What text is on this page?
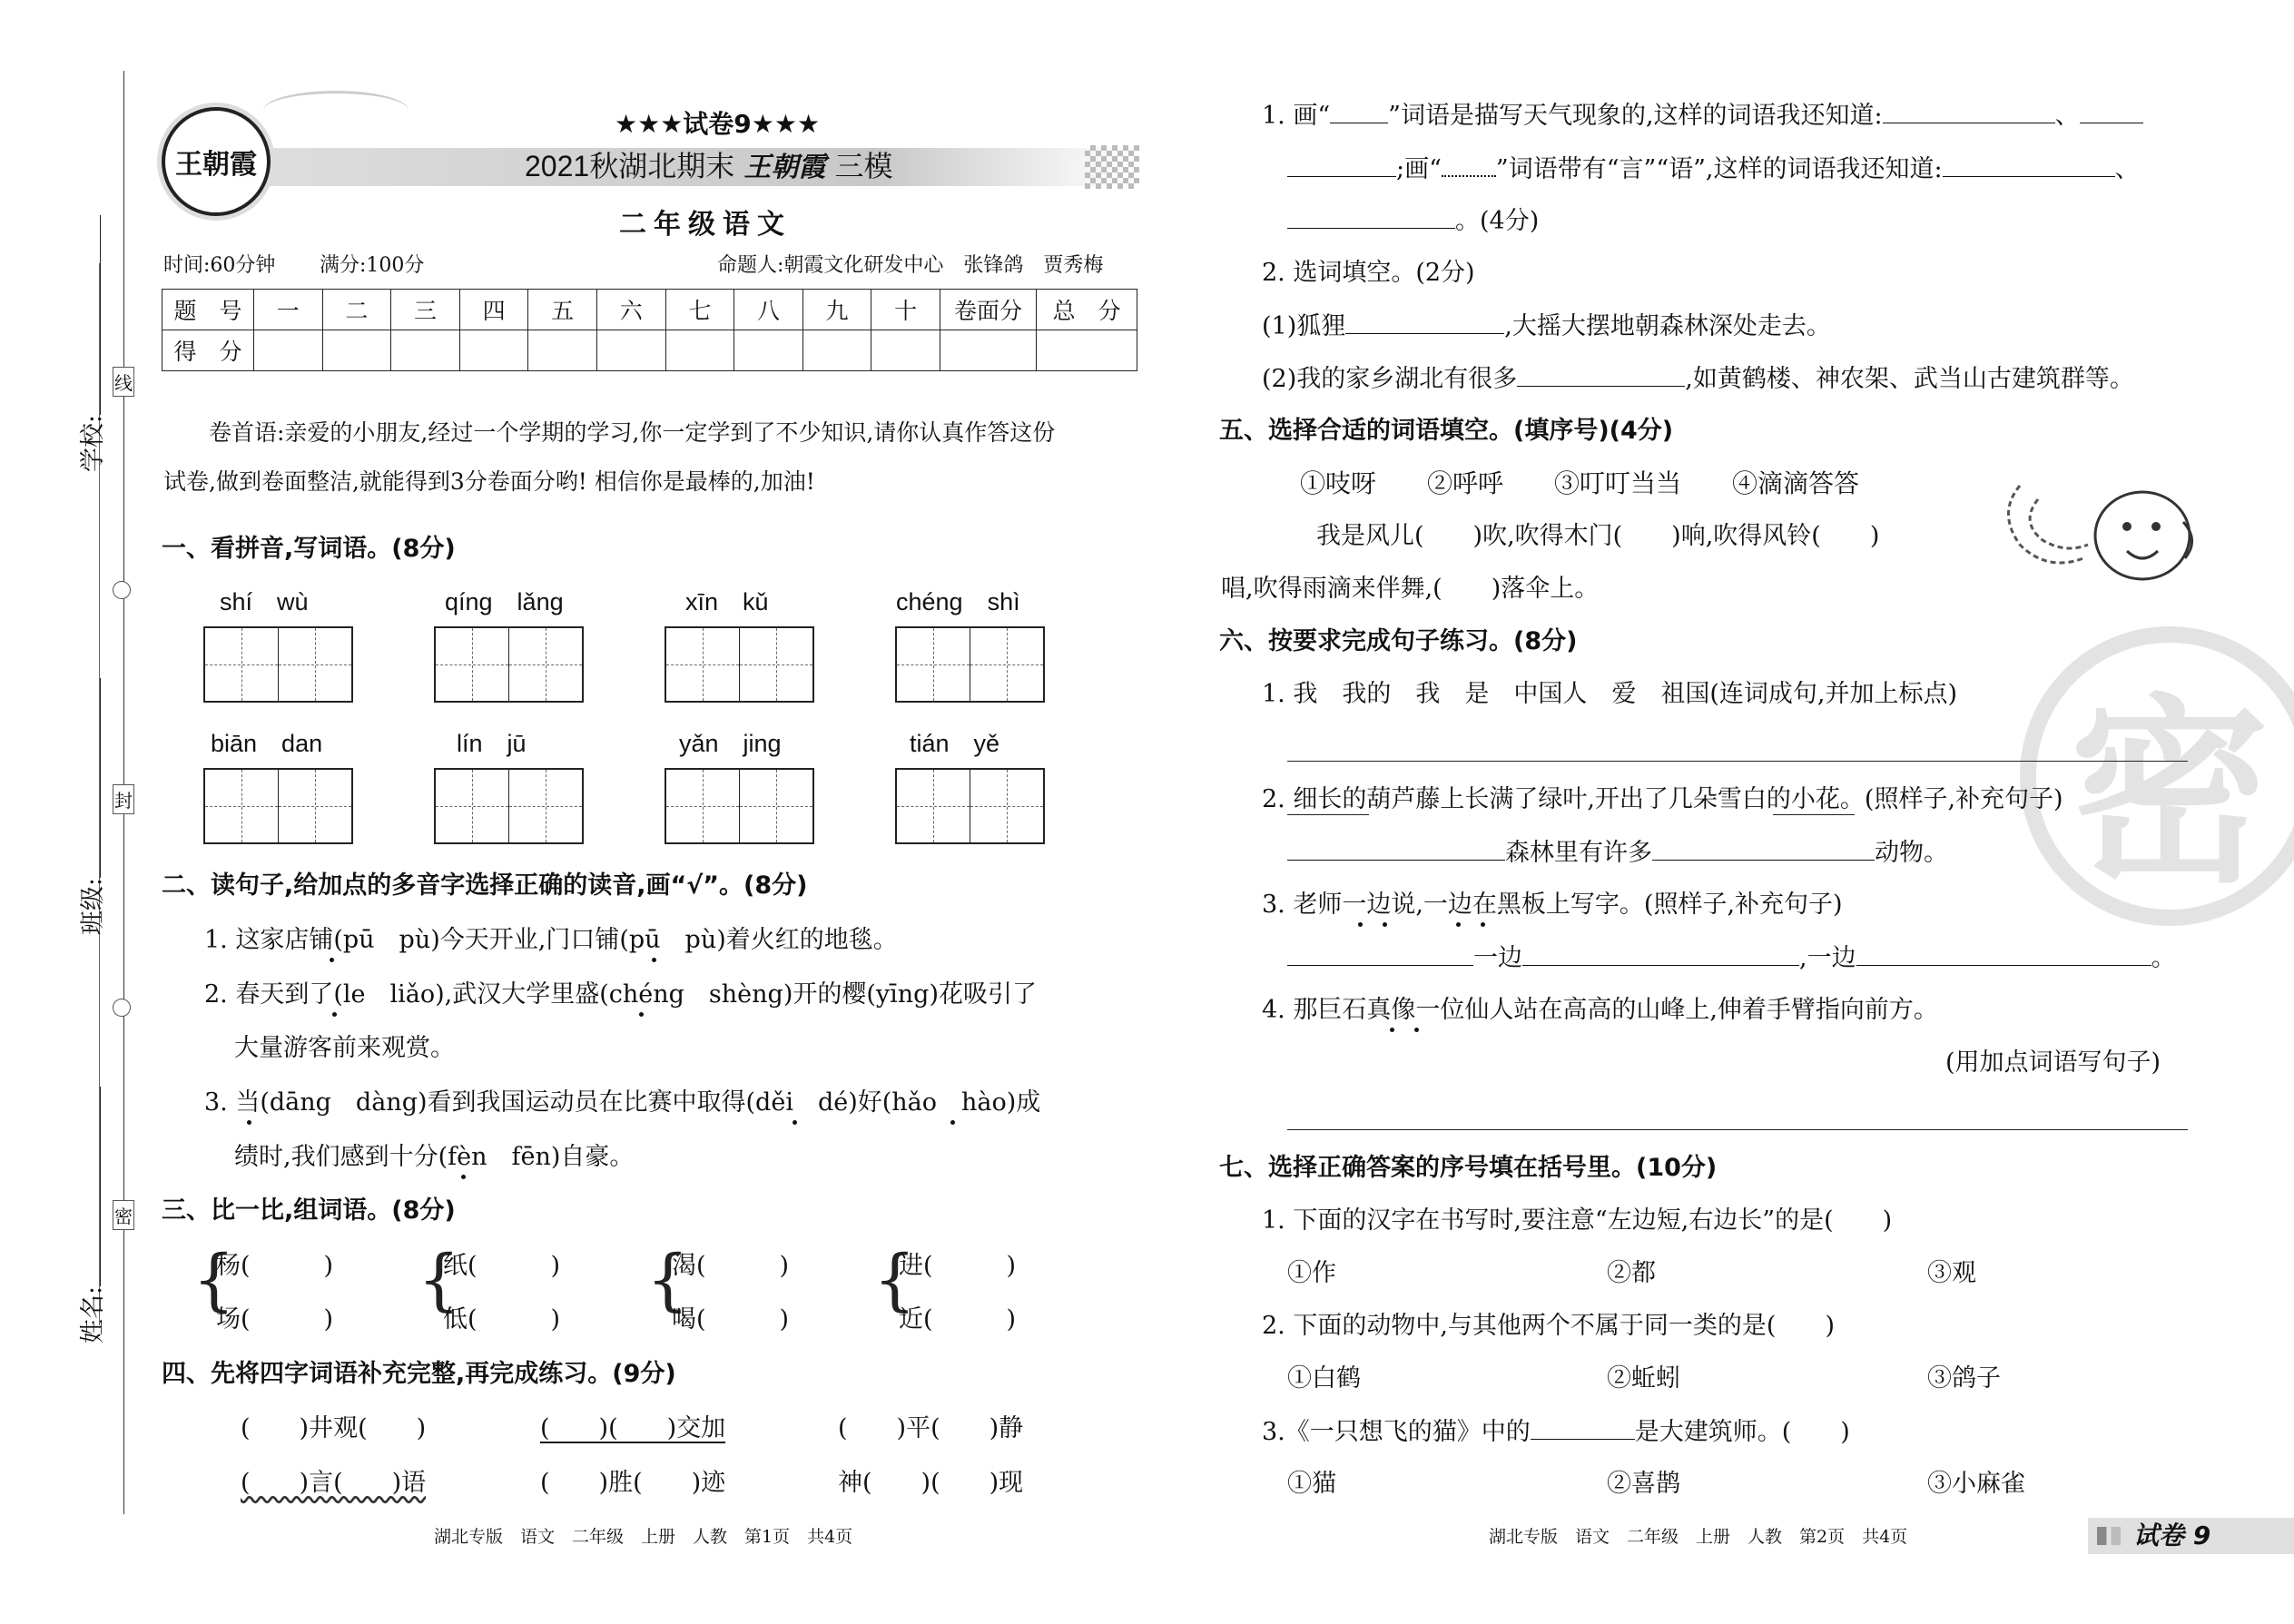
线
封
密
学校:
班级:
姓名:
王朝霞
★★★试卷9★★★
2021秋湖北期末 王朝霞 三模
二年级语文
时间:60分钟 满分:100分	命题人:朝霞文化研发中心　张锋鸽　贾秀梅
题　号	一	二	三	四	五	六	七	八	九	十	卷面分	总　分
得　分												
卷首语:亲爱的小朋友,经过一个学期的学习,你一定学到了不少知识,请你认真作答这份
试卷,做到卷面整洁,就能得到3分卷面分哟! 相信你是最棒的,加油!
一、看拼音,写词语。(8分)
shí　wù	qíng　lǎng	xīn　kǔ	chéng　shì
biān　dan	lín　jū	yǎn　jing	tián　yě
二、读句子,给加点的多音字选择正确的读音,画“√”。(8分)
1. 这家店铺(pū　pù)今天开业,门口铺(pū　pù)着火红的地毯。
2. 春天到了(le　liǎo),武汉大学里盛(chéng　shèng)开的樱(yīng)花吸引了
大量游客前来观赏。
3. 当(dāng　dàng)看到我国运动员在比赛中取得(děi　dé)好(hǎo　hào)成
绩时,我们感到十分(fèn　fēn)自豪。
三、比一比,组词语。(8分)
{
杨(　　　)
场(　　　)
{
纸(　　　)
低(　　　)
{
渴(　　　)
喝(　　　)
{
进(　　　)
近(　　　)
四、先将四字词语补充完整,再完成练习。(9分)
(　　)井观(　　)	(　　)(　　)交加	(　　)平(　　)静
(　　)言(　　)语	(　　)胜(　　)迹	神(　　)(　　)现
湖北专版　语文　二年级　上册　人教　第1页　共4页
密
1. 画“ ”词语是描写天气现象的,这样的词语我还知道:	、
;画“ ”词语带有“言”“语”,这样的词语我还知道:	、
。(4分)
2. 选词填空。(2分)
(1)狐狸	,大摇大摆地朝森林深处走去。
(2)我的家乡湖北有很多	,如黄鹤楼、神农架、武当山古建筑群等。
五、选择合适的词语填空。(填序号)(4分)
①吱呀　　②呼呼　　③叮叮当当　　④滴滴答答
我是风儿(　　)吹,吹得木门(　　)响,吹得风铃(　　)
唱,吹得雨滴来伴舞,(　　)落伞上。
六、按要求完成句子练习。(8分)
1. 我　我的　我　是　中国人　爱　祖国(连词成句,并加上标点)
2. 细长的葫芦藤上长满了绿叶,开出了几朵雪白的小花。(照样子,补充句子)
森林里有许多	动物。
3. 老师一边说,一边在黑板上写字。(照样子,补充句子)
一边	,一边	。
4. 那巨石真像一位仙人站在高高的山峰上,伸着手臂指向前方。
(用加点词语写句子)
七、选择正确答案的序号填在括号里。(10分)
1. 下面的汉字在书写时,要注意“左边短,右边长”的是(　　)
①作	②都	③观
2. 下面的动物中,与其他两个不属于同一类的是(　　)
①白鹤	②蚯蚓	③鸽子
3.《一只想飞的猫》中的	是大建筑师。(　　)
①猫	②喜鹊	③小麻雀
湖北专版　语文　二年级　上册　人教　第2页　共4页	试卷 9
